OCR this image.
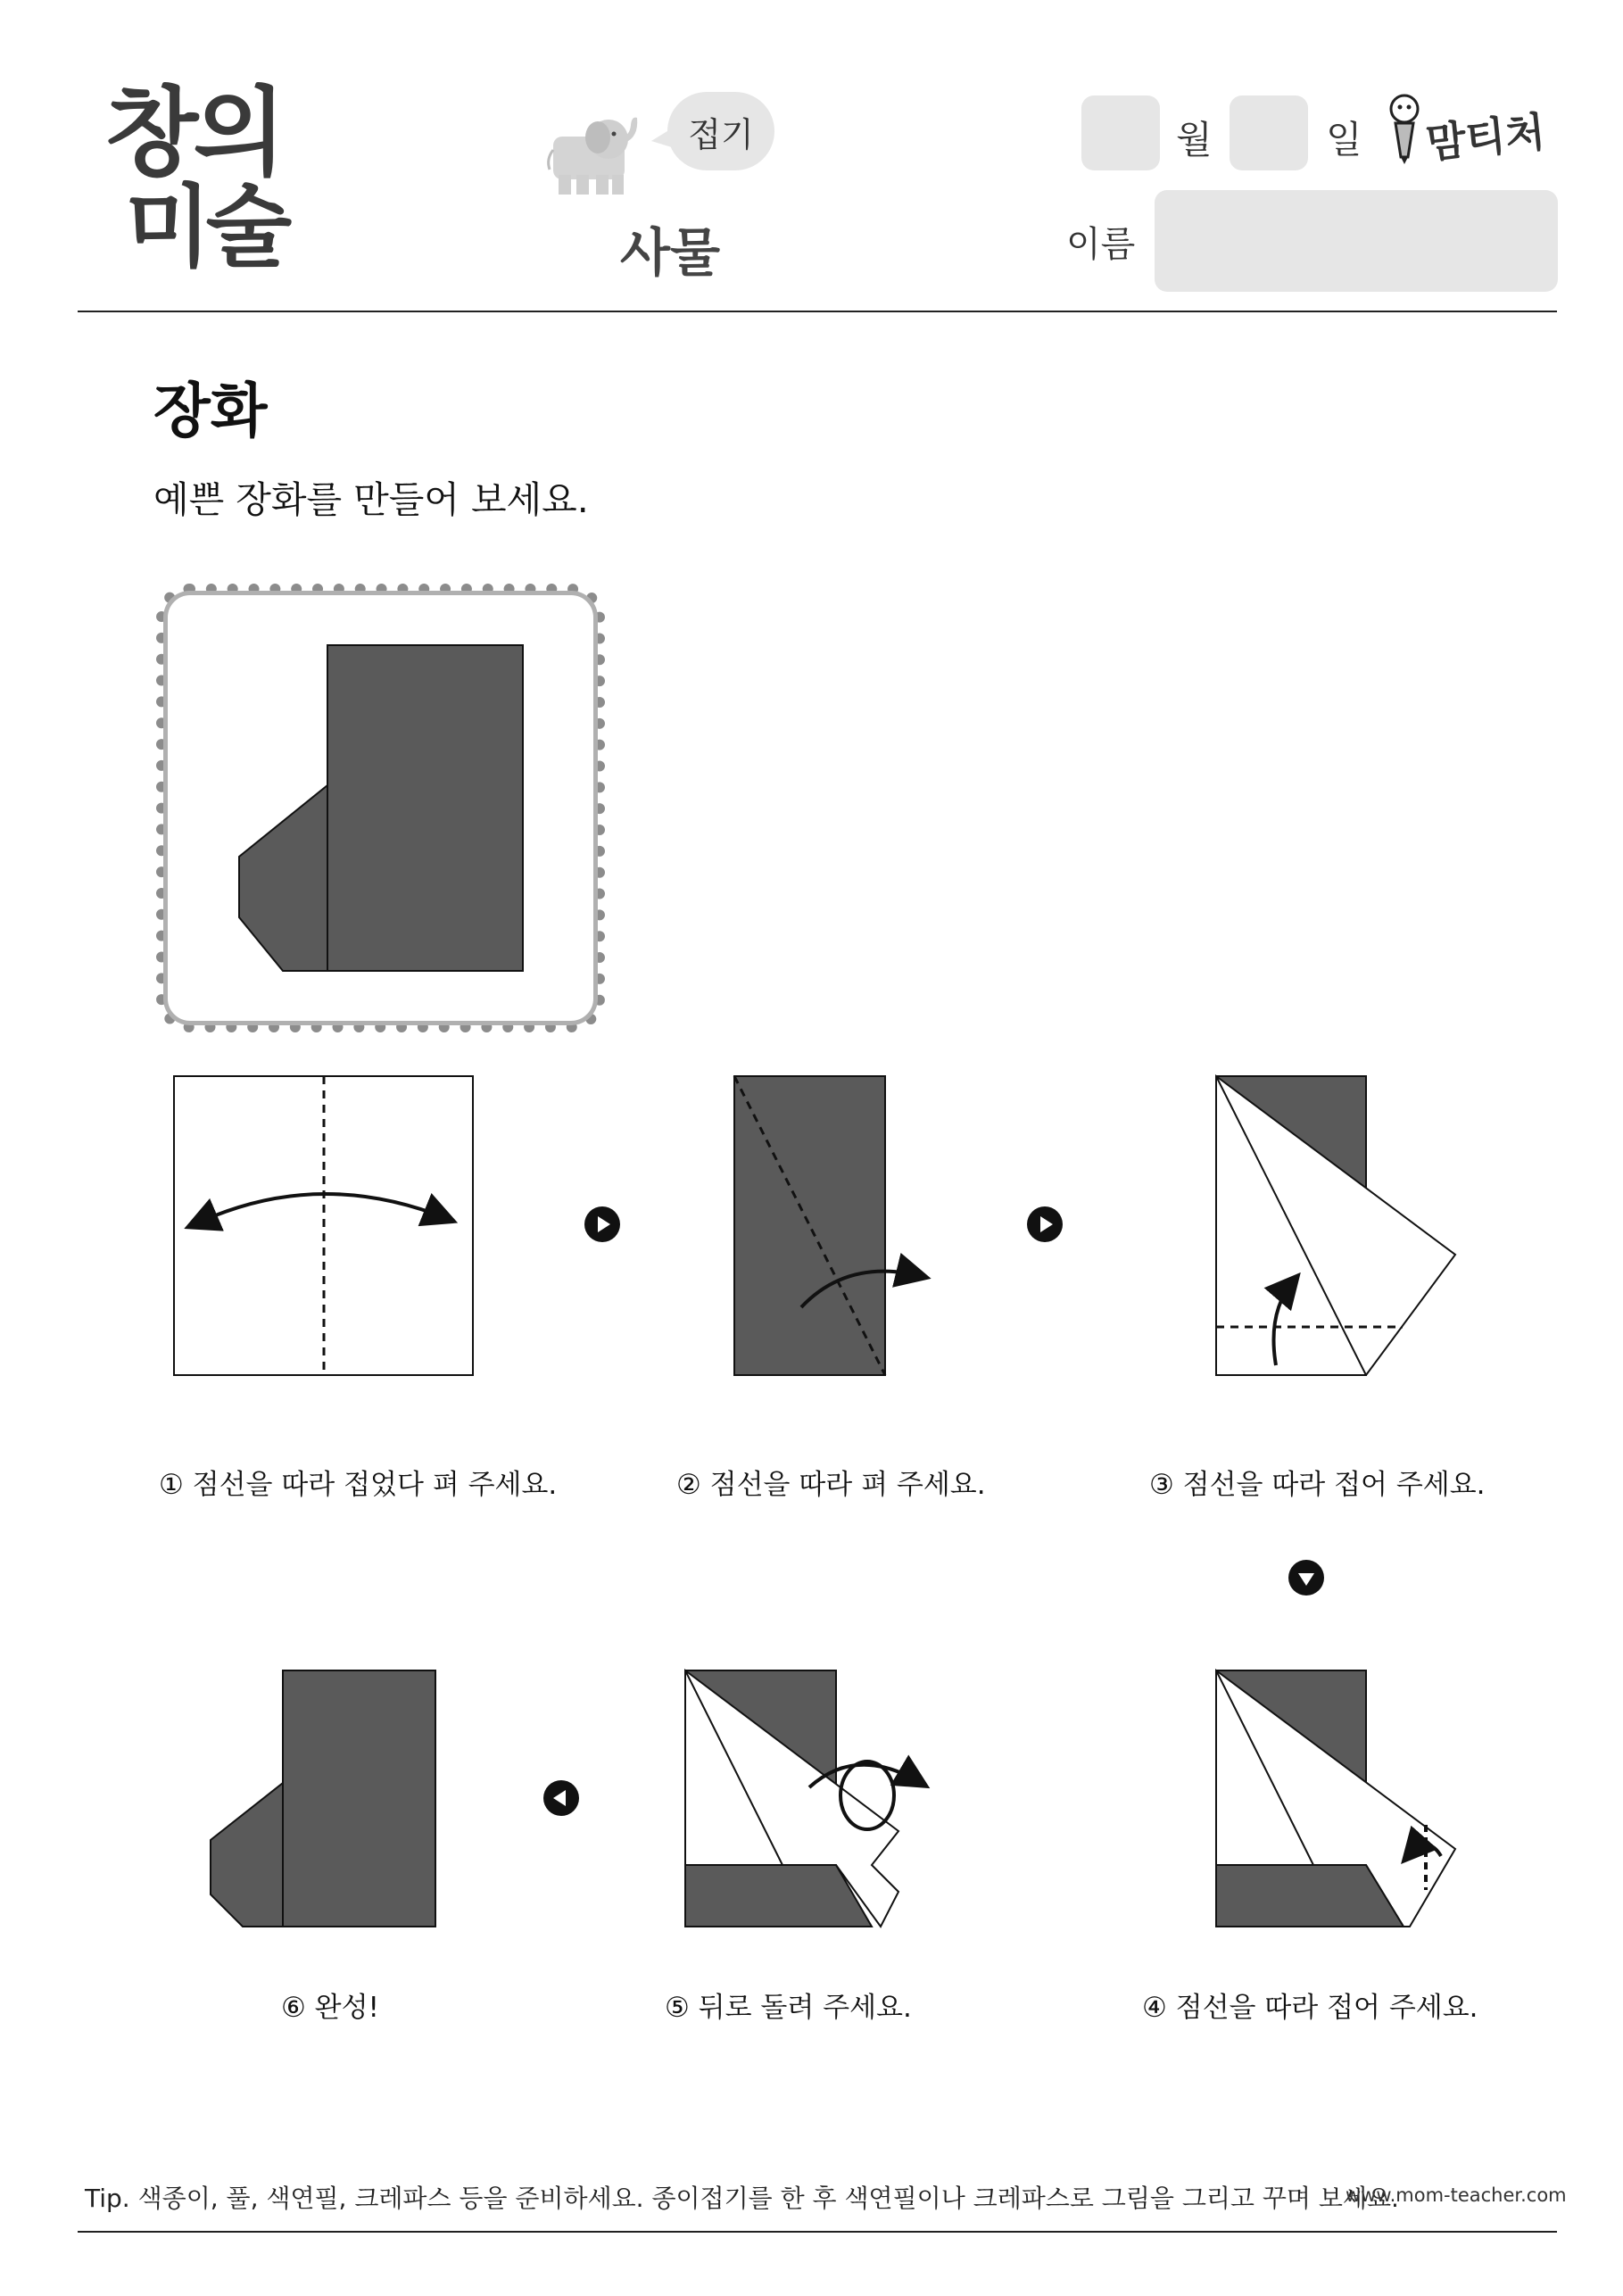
창의
미술
접기
사물
월	일 맘티처
이름
장화
예쁜 장화를 만들어 보세요.
① 점선을 따라 접었다 펴 주세요.	② 점선을 따라 펴 주세요.	③ 점선을 따라 접어 주세요.
④ 점선을 따라 접어 주세요.
⑤ 뒤로 돌려 주세요.
⑥ 완성!
Tip. 색종이, 풀, 색연필, 크레파스 등을 준비하세요. 종이접기를 한 후 색연필이나 크레파스로 그림을 그리고 꾸며 보세요.
www.mom-teacher.com
